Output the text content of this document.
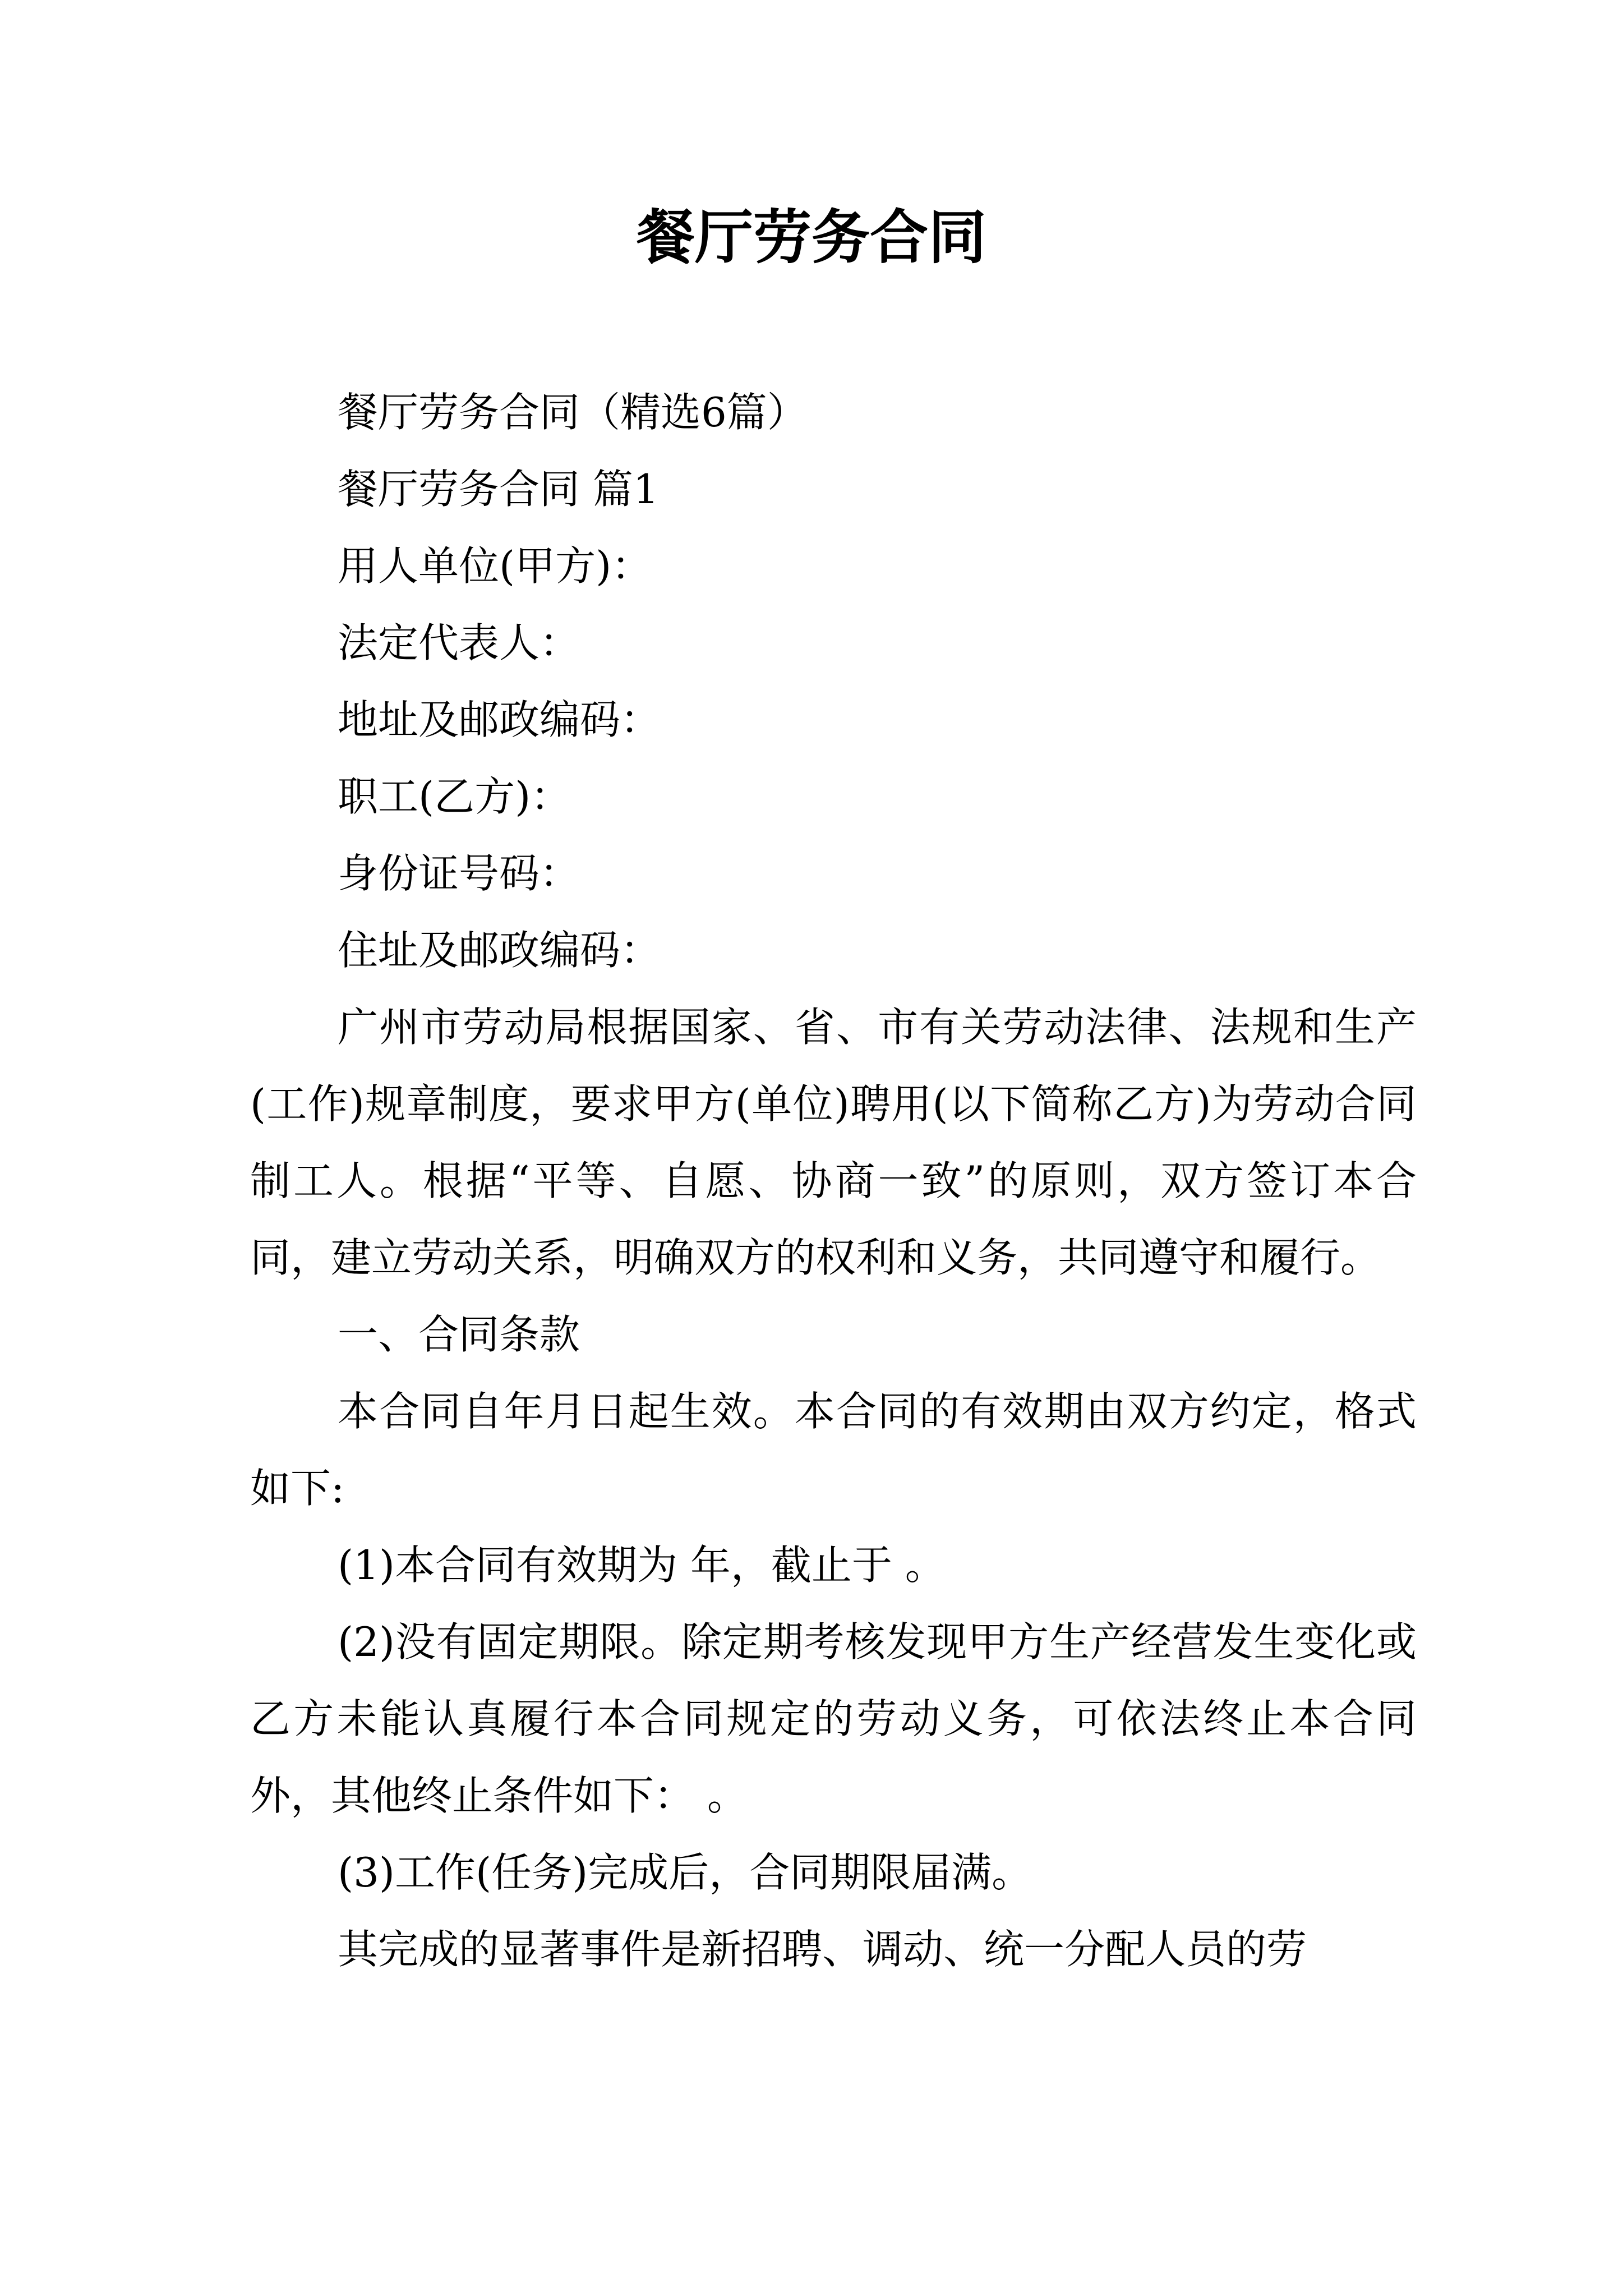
餐厅劳务合同

餐厅劳务合同（精选6篇）

餐厅劳务合同 篇1

用人单位(甲方)：

法定代表人：

地址及邮政编码：

职工(乙方)：

身份证号码：

住址及邮政编码：

广州市劳动局根据国家、省、市有关劳动法律、法规和生产(工作)规章制度，要求甲方(单位)聘用(以下简称乙方)为劳动合同制工人。根据“平等、自愿、协商一致”的原则，双方签订本合同，建立劳动关系，明确双方的权利和义务，共同遵守和履行。

一、合同条款

本合同自年月日起生效。本合同的有效期由双方约定，格式如下:

(1)本合同有效期为 年，截止于 。

(2)没有固定期限。除定期考核发现甲方生产经营发生变化或乙方未能认真履行本合同规定的劳动义务，可依法终止本合同外，其他终止条件如下： 。

(3)工作(任务)完成后，合同期限届满。

其完成的显著事件是新招聘、调动、统一分配人员的劳
